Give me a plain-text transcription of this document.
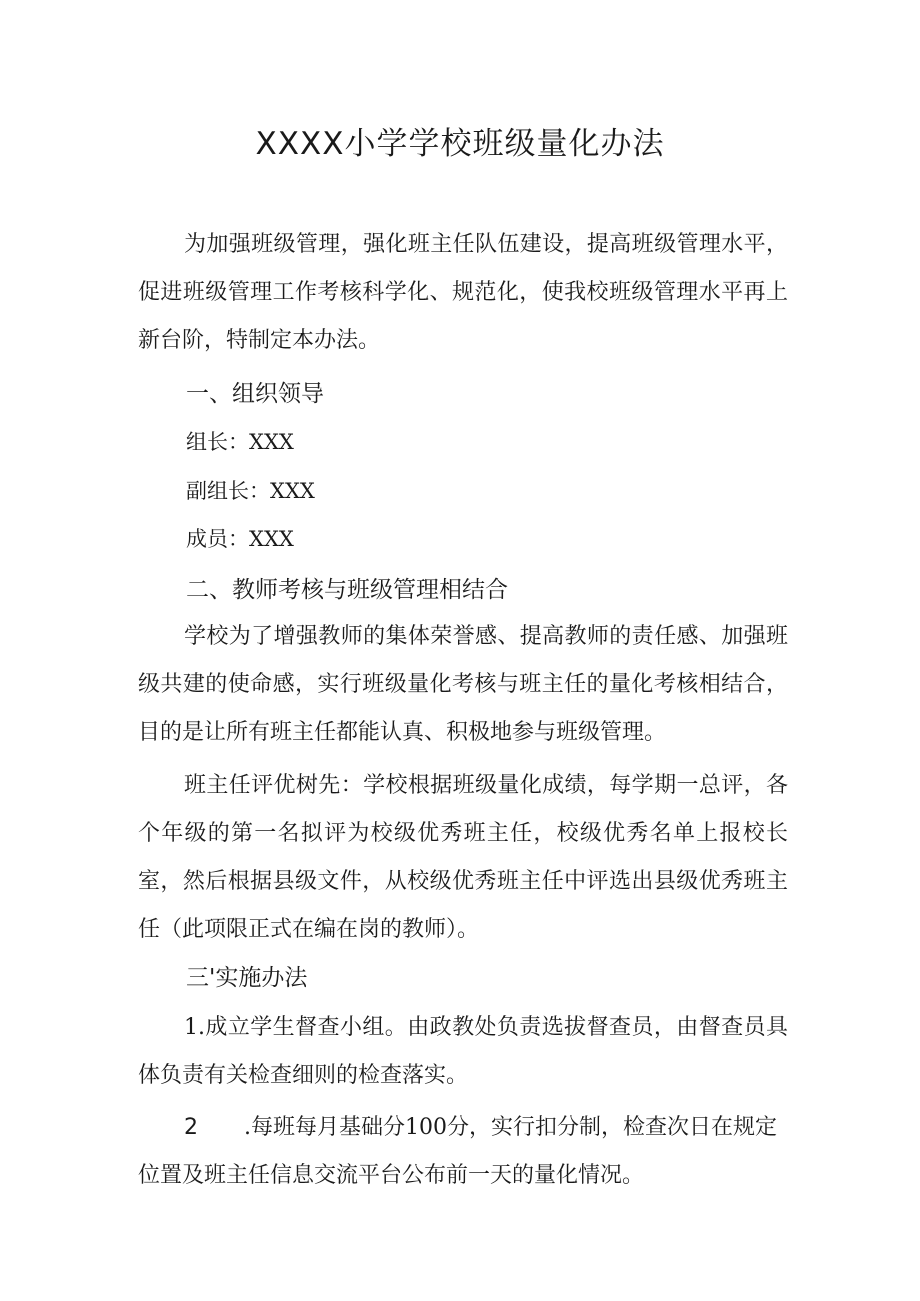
XXXX小学学校班级量化办法
为加强班级管理，强化班主任队伍建设，提高班级管理水平，促进班级管理工作考核科学化、规范化，使我校班级管理水平再上新台阶，特制定本办法。
一、组织领导
组长：XXX
副组长：XXX
成员：XXX
二、教师考核与班级管理相结合
学校为了增强教师的集体荣誉感、提高教师的责任感、加强班级共建的使命感，实行班级量化考核与班主任的量化考核相结合，目的是让所有班主任都能认真、积极地参与班级管理。
班主任评优树先：学校根据班级量化成绩，每学期一总评，各个年级的第一名拟评为校级优秀班主任，校级优秀名单上报校长室，然后根据县级文件，从校级优秀班主任中评选出县级优秀班主任（此项限正式在编在岗的教师）。
三'实施办法
1.成立学生督查小组。由政教处负责选拔督查员，由督查员具体负责有关检查细则的检查落实。
2 .每班每月基础分100分，实行扣分制，检查次日在规定位置及班主任信息交流平台公布前一天的量化情况。
